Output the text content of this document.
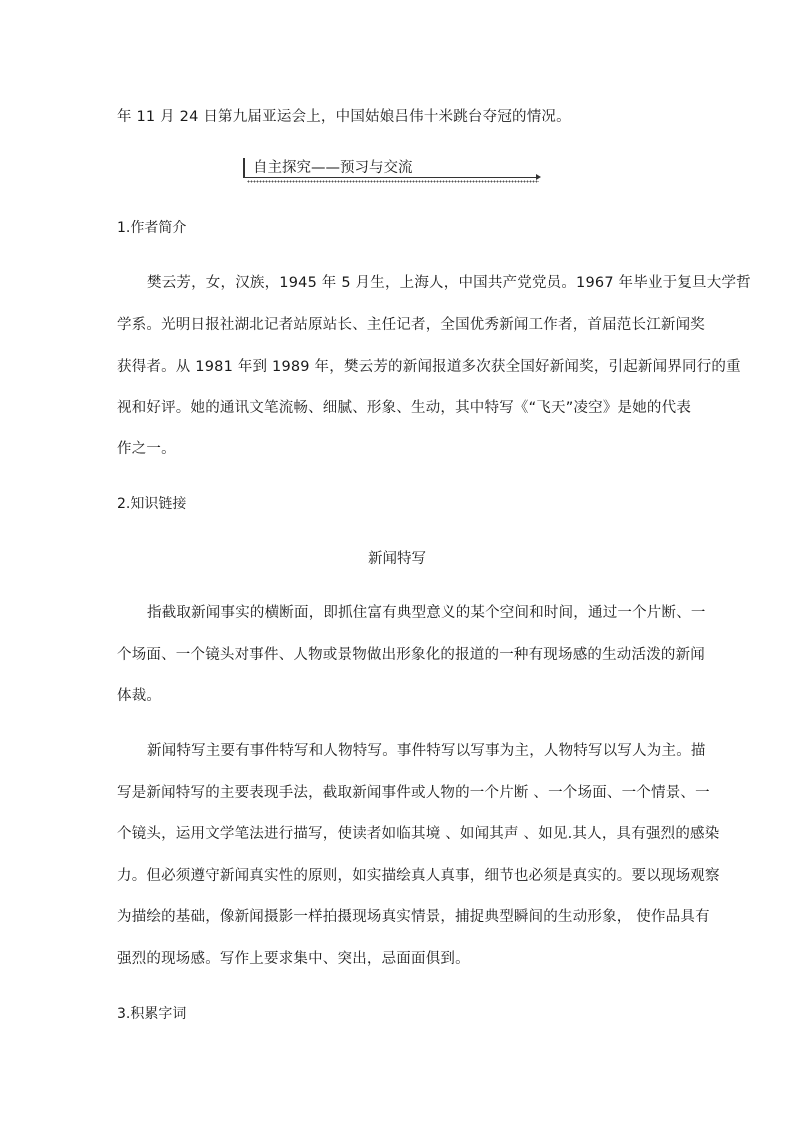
年 11 月 24 日第九届亚运会上，中国姑娘吕伟十米跳台夺冠的情况。
自主探究——预习与交流
1.作者简介
樊云芳，女，汉族，1945 年 5 月生，上海人，中国共产党党员。1967 年毕业于复旦大学哲
学系。光明日报社湖北记者站原站长、主任记者，全国优秀新闻工作者，首届范长江新闻奖
获得者。从 1981 年到 1989 年，樊云芳的新闻报道多次获全国好新闻奖，引起新闻界同行的重
视和好评。她的通讯文笔流畅、细腻、形象、生动，其中特写《“飞天”凌空》是她的代表
作之一。
2.知识链接
新闻特写
指截取新闻事实的横断面，即抓住富有典型意义的某个空间和时间，通过一个片断、一
个场面、一个镜头对事件、人物或景物做出形象化的报道的一种有现场感的生动活泼的新闻
体裁。
新闻特写主要有事件特写和人物特写。事件特写以写事为主，人物特写以写人为主。描
写是新闻特写的主要表现手法，截取新闻事件或人物的一个片断 、一个场面、一个情景、一
个镜头，运用文学笔法进行描写，使读者如临其境 、如闻其声 、如见.其人，具有强烈的感染
力。但必须遵守新闻真实性的原则，如实描绘真人真事，细节也必须是真实的。要以现场观察
为描绘的基础，像新闻摄影一样拍摄现场真实情景，捕捉典型瞬间的生动形象， 使作品具有
强烈的现场感。写作上要求集中、突出，忌面面俱到。
3.积累字词
